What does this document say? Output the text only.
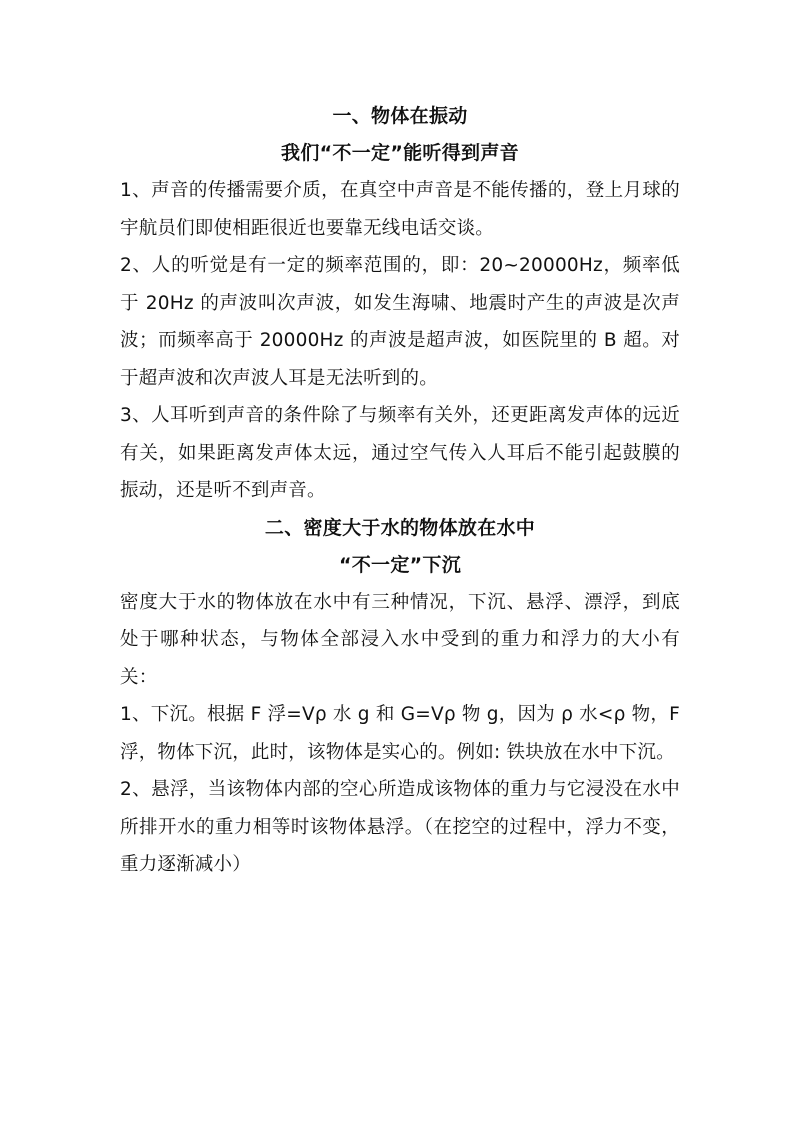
一、物体在振动
我们“不一定”能听得到声音

1、声音的传播需要介质，在真空中声音是不能传播的，登上月球的宇航员们即使相距很近也要靠无线电话交谈。

2、人的听觉是有一定的频率范围的，即：20~20000Hz，频率低于 20Hz 的声波叫次声波，如发生海啸、地震时产生的声波是次声波；而频率高于 20000Hz 的声波是超声波，如医院里的 B 超。对于超声波和次声波人耳是无法听到的。

3、人耳听到声音的条件除了与频率有关外，还更距离发声体的远近有关，如果距离发声体太远，通过空气传入人耳后不能引起鼓膜的振动，还是听不到声音。

二、密度大于水的物体放在水中
“不一定”下沉

密度大于水的物体放在水中有三种情况，下沉、悬浮、漂浮，到底处于哪种状态，与物体全部浸入水中受到的重力和浮力的大小有关：

1、下沉。根据 F 浮=Vρ 水 g 和 G=Vρ 物 g，因为 ρ 水<ρ 物，F 浮，物体下沉，此时，该物体是实心的。例如: 铁块放在水中下沉。

2、悬浮，当该物体内部的空心所造成该物体的重力与它浸没在水中所排开水的重力相等时该物体悬浮。（在挖空的过程中，浮力不变，重力逐渐减小）
